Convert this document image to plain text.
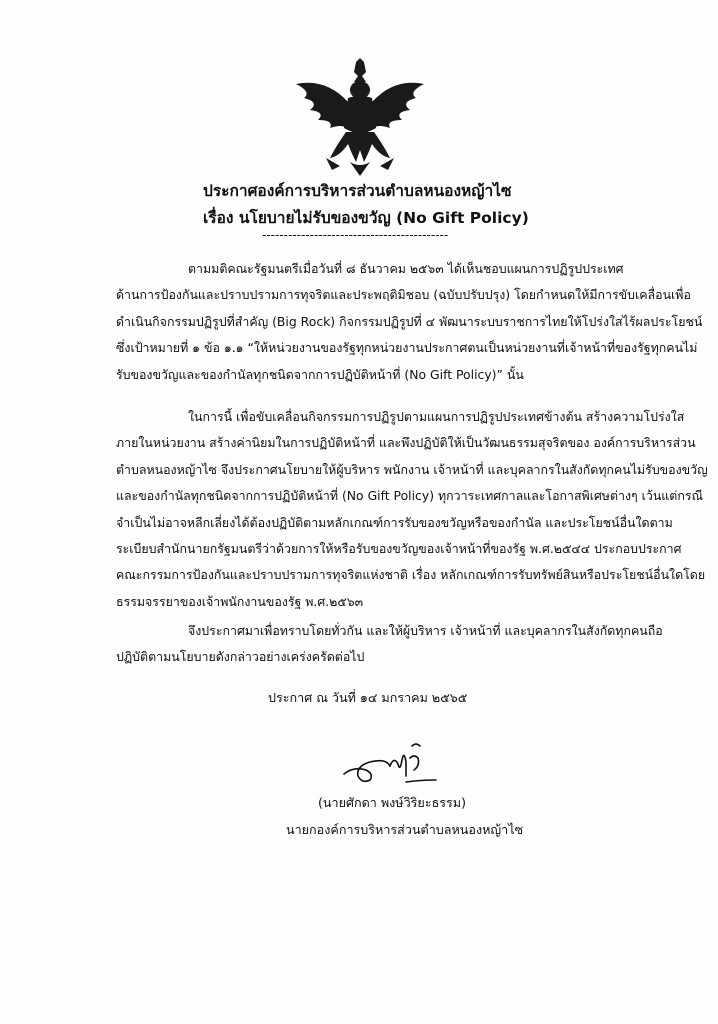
ประกาศองค์การบริหารส่วนตำบลหนองหญ้าไซ
เรื่อง นโยบายไม่รับของขวัญ (No Gift Policy)
-------------------------------------------
ตามมติคณะรัฐมนตรีเมื่อวันที่ ๘ ธันวาคม ๒๕๖๓ ได้เห็นชอบแผนการปฏิรูปประเทศ
ด้านการป้องกันและปราบปรามการทุจริตและประพฤติมิชอบ (ฉบับปรับปรุง) โดยกำหนดให้มีการขับเคลื่อนเพื่อ
ดำเนินกิจกรรมปฏิรูปที่สำคัญ (Big Rock) กิจกรรมปฏิรูปที่ ๔ พัฒนาระบบราชการไทยให้โปร่งใสไร้ผลประโยชน์
ซึ่งเป้าหมายที่ ๑ ข้อ ๑.๑ “ให้หน่วยงานของรัฐทุกหน่วยงานประกาศตนเป็นหน่วยงานที่เจ้าหน้าที่ของรัฐทุกคนไม่
รับของขวัญและของกำนัลทุกชนิดจากการปฏิบัติหน้าที่ (No Gift Policy)” นั้น
ในการนี้ เพื่อขับเคลื่อนกิจกรรมการปฏิรูปตามแผนการปฏิรูปประเทศข้างต้น สร้างความโปร่งใส
ภายในหน่วยงาน สร้างค่านิยมในการปฏิบัติหน้าที่ และพึงปฏิบัติให้เป็นวัฒนธรรมสุจริตของ องค์การบริหารส่วน
ตำบลหนองหญ้าไซ จึงประกาศนโยบายให้ผู้บริหาร พนักงาน เจ้าหน้าที่ และบุคลากรในสังกัดทุกคนไม่รับของขวัญ
และของกำนัลทุกชนิดจากการปฏิบัติหน้าที่ (No Gift Policy) ทุกวาระเทศกาลและโอกาสพิเศษต่างๆ เว้นแต่กรณี
จำเป็นไม่อาจหลีกเลี่ยงได้ต้องปฏิบัติตามหลักเกณฑ์การรับของขวัญหรือของกำนัล และประโยชน์อื่นใดตาม
ระเบียบสำนักนายกรัฐมนตรีว่าด้วยการให้หรือรับของขวัญของเจ้าหน้าที่ของรัฐ พ.ศ.๒๕๔๔ ประกอบประกาศ
คณะกรรมการป้องกันและปราบปรามการทุจริตแห่งชาติ เรื่อง หลักเกณฑ์การรับทรัพย์สินหรือประโยชน์อื่นใดโดย
ธรรมจรรยาของเจ้าพนักงานของรัฐ พ.ศ.๒๕๖๓
จึงประกาศมาเพื่อทราบโดยทั่วกัน และให้ผู้บริหาร เจ้าหน้าที่ และบุคลากรในสังกัดทุกคนถือ
ปฏิบัติตามนโยบายดังกล่าวอย่างเคร่งครัดต่อไป
ประกาศ ณ วันที่ ๑๔ มกราคม ๒๕๖๕
(นายศักดา พงษ์วิริยะธรรม)
นายกองค์การบริหารส่วนตำบลหนองหญ้าไซ
